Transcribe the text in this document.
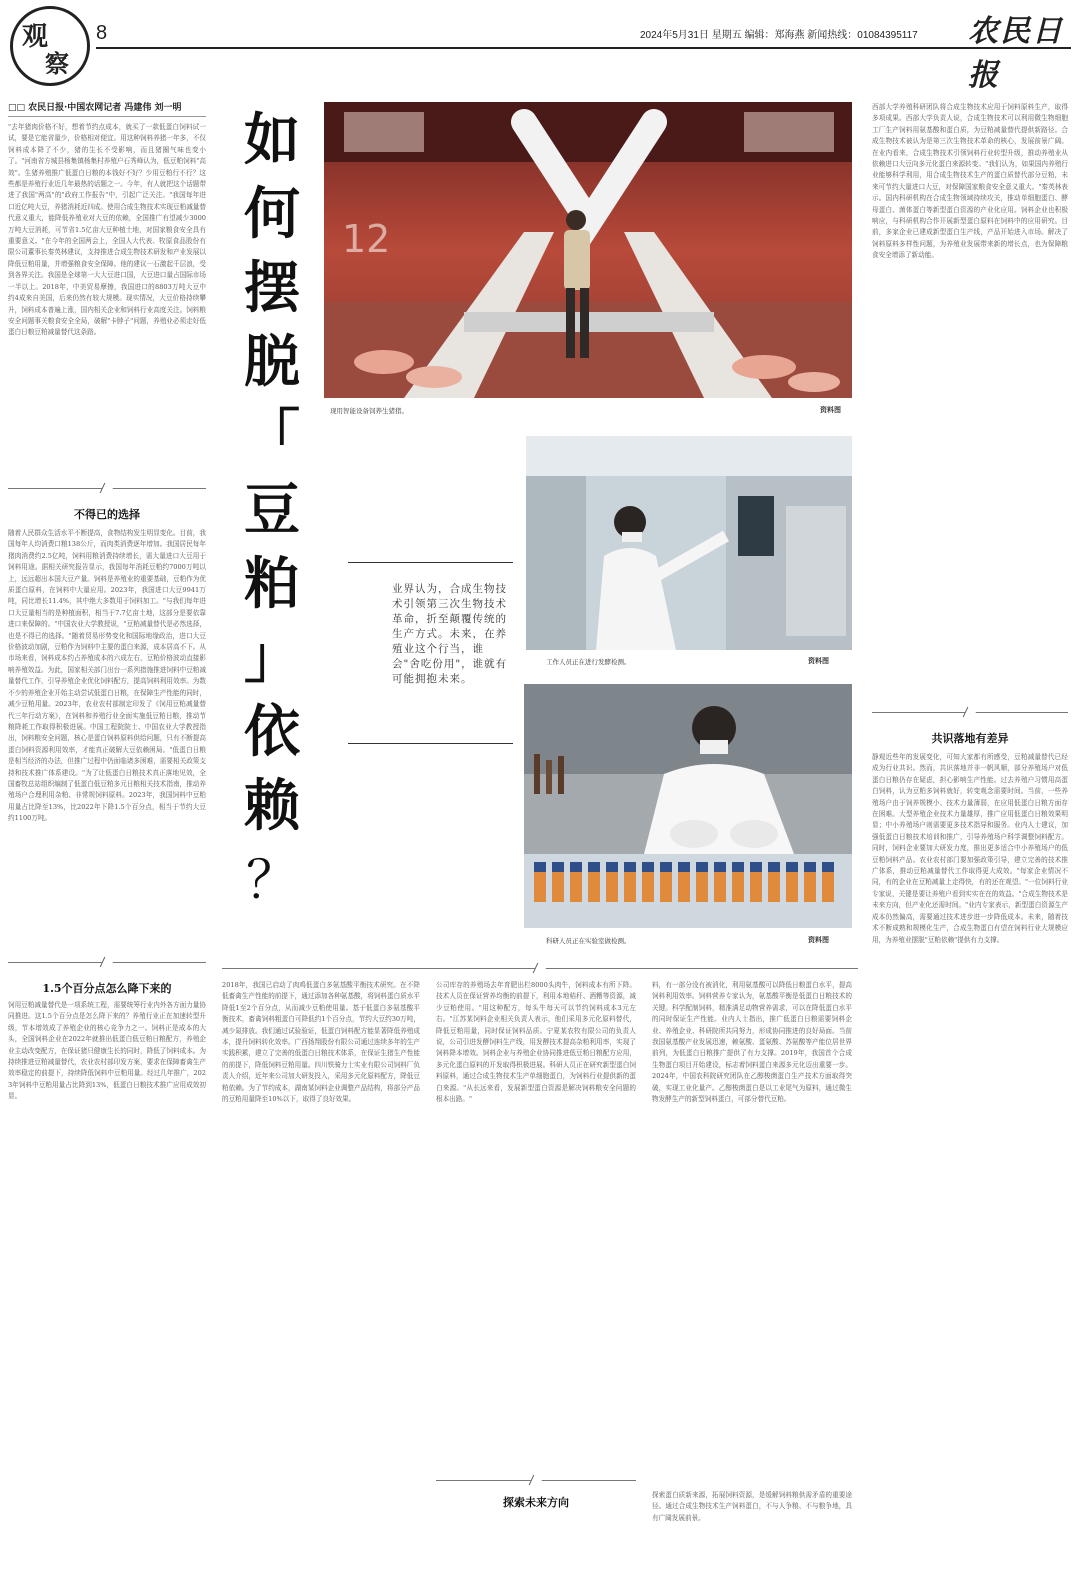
观
察
8	2024年5月31日 星期五 编辑：郑海燕 新闻热线：01084395117 农民日报
□□ 农民日报·中国农网记者 冯建伟 刘一明
"去年猪肉价格不好，想着节约点成本，就买了一款低蛋白饲料试一试，要是它能省量少，价格相对便宜。用这种饲料养猪一年多，不仅饲料成本降了不少，猪的生长不受影响，而且猪圈气味也变小了。"河南省方城县杨集镇杨集村养殖户石秀峰认为，低豆粕饲料"高效"。生猪养殖推广低蛋白日粮的本钱好不好？少用豆粕行不行？这些都是养殖行业近几年最热的话题之一。今年，有人就把这个话题带进了我国"两高"的"政府工作报告"中，引起广泛关注。"我国每年进口近亿吨大豆，养猪消耗近四成。使用合成生物技术实现豆粕减量替代意义重大，能降低养殖业对大豆的依赖，全国推广有望减少3000万吨大豆消耗，可节省1.5亿亩大豆种植土地，对国家粮食安全具有重要意义。"在今年的全国两会上，全国人大代表、牧原食品股份有限公司董事长秦英林建议，支持推进合成生物技术研发和产业发展以降低豆粕用量，并增强粮食安全保障。他的建议一石激起千层浪，受到各界关注。我国是全球第一大大豆进口国，大豆进口量占国际市场一半以上。2018年，中美贸易摩擦，我国进口的8803万吨大豆中约4成来自美国，后来仍然有较大规模。现实情况，大豆价格持续攀升，饲料成本普遍上涨，国内相关企业和饲料行业高度关注。饲料粮安全问题事关粮食安全全局，破解"卡脖子"问题，养殖业必须走好低蛋白日粮豆粕减量替代这条路。
不得已的选择
随着人民群众生活水平不断提高，食物结构发生明显变化。目前，我国每年人均消费口粮138公斤，而肉类消费逐年增加。我国居民每年猪肉消费约2.5亿吨，饲料用粮消费持续增长，需大量进口大豆用于饲料用途。据相关研究报告显示，我国每年消耗豆粕约7000万吨以上，远远超出本国大豆产量。饲料是养殖业的重要基础，豆粕作为优质蛋白原料，在饲料中大量应用。2023年，我国进口大豆9941万吨，同比增长11.4%，其中绝大多数用于饲料加工。"与我们每年进口大豆量相当的是种植面积，相当于7.7亿亩土地，这部分是要依靠进口来保障的。"中国农业大学教授说，"豆粕减量替代是必然选择，也是不得已的选择。"随着贸易形势变化和国际地缘政治，进口大豆价格波动加剧，豆粕作为饲料中主要的蛋白来源，成本居高不下。从市场来看，饲料成本约占养殖成本的六成左右，豆粕价格波动直接影响养殖效益。为此，国家相关部门出台一系列措施推进饲料中豆粕减量替代工作，引导养殖企业优化饲料配方，提高饲料利用效率。为数不少的养殖企业开始主动尝试低蛋白日粮，在保障生产性能的同时，减少豆粕用量。2023年，农业农村部制定印发了《饲用豆粕减量替代三年行动方案》，在饲料和养殖行业全面实施低豆粕日粮，推动节粮降耗工作取得积极进展。中国工程院院士、中国农业大学教授指出，饲料粮安全问题，核心是蛋白饲料原料供给问题，只有不断提高蛋白饲料资源利用效率，才能真正破解大豆依赖困局。"低蛋白日粮是相当经济的办法，但推广过程中仍面临诸多困难，需要相关政策支持和技术推广体系建设。"为了让低蛋白日粮技术真正落地见效，全国畜牧总站组织编制了低蛋白低豆粕多元日粮相关技术指南，推动养殖场户合理利用杂粕、非常规饲料原料。2023年，我国饲料中豆粕用量占比降至13%，比2022年下降1.5个百分点，相当于节约大豆约1100万吨。
1.5个百分点怎么降下来的
饲用豆粕减量替代是一项系统工程，需要统筹行业内外各方面力量协同推进。这1.5个百分点是怎么降下来的？养殖行业正在加速转型升级，节本增效成了养殖企业的核心竞争力之一。饲料正是成本的大头，全国饲料企业在2022年就推出低蛋白低豆粕日粮配方，养殖企业主动改变配方，在保证猪只健康生长的同时，降低了饲料成本。为持续推进豆粕减量替代，农业农村部印发方案，要求在保障畜禽生产效率稳定的前提下，持续降低饲料中豆粕用量。经过几年推广，2023年饲料中豆粕用量占比降到13%，低蛋白日粮技术推广应用成效初显。
如
何
摆
脱
「
豆
粕
」
依
赖
？
12
现用智能设备饲养生猪猪。	资料图
工作人员正在进行发酵检测。	资料图
科研人员正在实验室做检测。	资料图
业界认为，合成生物技术引领第三次生物技术革命，折至颠覆传统的生产方式。未来，在养殖业这个行当，谁会"舍吃份用"，谁就有可能拥抱未来。
西部大学养殖科研团队将合成生物技术应用于饲料原料生产，取得多项成果。西部大学负责人说，合成生物技术可以利用微生物细胞工厂生产饲料用氨基酸和蛋白质，为豆粕减量替代提供新路径。合成生物技术被认为是第三次生物技术革命的核心，发展前景广阔。在业内看来，合成生物技术引领饲料行业转型升级，推动养殖业从依赖进口大豆向多元化蛋白来源转变。"我们认为，如果国内养殖行业能够科学利用，用合成生物技术生产的蛋白质替代部分豆粕，未来可节约大量进口大豆，对保障国家粮食安全意义重大。"秦英林表示。国内科研机构在合成生物领域持续攻关，推动单细胞蛋白、酵母蛋白、菌体蛋白等新型蛋白资源的产业化应用。饲料企业也积极响应，与科研机构合作开展新型蛋白原料在饲料中的应用研究。目前，多家企业已建成新型蛋白生产线，产品开始进入市场。解决了饲料原料多样性问题，为养殖业发展带来新的增长点，也为保障粮食安全增添了新动能。
共识落地有差异
静观近些年的发展变化，可知大家都有所感受，豆粕减量替代已经成为行业共识。然而，共识落地并非一帆风顺，部分养殖场户对低蛋白日粮仍存在疑虑，担心影响生产性能。过去养殖户习惯用高蛋白饲料，认为豆粕多饲料就好，转变观念需要时间。当前，一些养殖场户由于饲养规模小、技术力量薄弱，在应用低蛋白日粮方面存在困难。大型养殖企业技术力量雄厚，推广应用低蛋白日粮效果明显；中小养殖场户则需要更多技术指导和服务。业内人士建议，加强低蛋白日粮技术培训和推广，引导养殖场户科学调整饲料配方。同时，饲料企业要加大研发力度，推出更多适合中小养殖场户的低豆粕饲料产品。农业农村部门要加强政策引导，建立完善的技术推广体系，推动豆粕减量替代工作取得更大成效。"每家企业情况不同，有的企业在豆粕减量上走得快，有的还在观望。"一位饲料行业专家说，关键是要让养殖户看到实实在在的效益。"合成生物技术是未来方向，但产业化还需时间。"业内专家表示，新型蛋白资源生产成本仍然偏高，需要通过技术进步进一步降低成本。未来，随着技术不断成熟和规模化生产，合成生物蛋白有望在饲料行业大规模应用，为养殖业摆脱"豆粕依赖"提供有力支撑。
2018年，我国已启动了肉鸡低蛋白多氨基酸平衡技术研究。在不降低畜禽生产性能的前提下，通过添加各种氨基酸，将饲料蛋白质水平降低1至2个百分点，从而减少豆粕使用量。基于低蛋白多氨基酸平衡技术，畜禽饲料粗蛋白可降低约1个百分点，节约大豆约30万吨，减少氮排放。我们通过试验验证，低蛋白饲料配方能显著降低养殖成本，提升饲料转化效率。广西扬翔股份有限公司通过连续多年的生产实践积累，建立了完善的低蛋白日粮技术体系，在保证生猪生产性能的前提下，降低饲料豆粕用量。四川铁骑力士实业有限公司饲料厂负责人介绍，近年来公司加大研发投入，采用多元化原料配方，降低豆粕依赖。为了节约成本，湖南某饲料企业调整产品结构，将部分产品的豆粕用量降至10%以下，取得了良好效果。
公司库存的养殖场去年育肥出栏8000头肉牛，饲料成本有所下降。技术人员在保证营养均衡的前提下，利用本地秸秆、酒糟等资源，减少豆粕使用。"用这种配方，每头牛每天可以节约饲料成本3元左右。"江苏某饲料企业相关负责人表示，他们采用多元化原料替代，降低豆粕用量，同时保证饲料品质。宁夏某农牧有限公司的负责人说，公司引进发酵饲料生产线，用发酵技术提高杂粕利用率，实现了饲料降本增效。饲料企业与养殖企业协同推进低豆粕日粮配方应用，多元化蛋白原料的开发取得积极进展。科研人员正在研究新型蛋白饲料原料，通过合成生物技术生产单细胞蛋白，为饲料行业提供新的蛋白来源。"从长远来看，发展新型蛋白资源是解决饲料粮安全问题的根本出路。"
料，有一部分没有被消化，利用氨基酸可以降低日粮蛋白水平，提高饲料利用效率。饲料营养专家认为，氨基酸平衡是低蛋白日粮技术的关键。科学配制饲料，精准满足动物营养需求，可以在降低蛋白水平的同时保证生产性能。业内人士指出，推广低蛋白日粮需要饲料企业、养殖企业、科研院所共同努力，形成协同推进的良好局面。当前我国氨基酸产业发展迅速，赖氨酸、蛋氨酸、苏氨酸等产能位居世界前列，为低蛋白日粮推广提供了有力支撑。2019年，我国首个合成生物蛋白项目开始建设，标志着饲料蛋白来源多元化迈出重要一步。2024年，中国农科院研究团队在乙醇梭菌蛋白生产技术方面取得突破，实现工业化量产。乙醇梭菌蛋白是以工业尾气为原料，通过微生物发酵生产的新型饲料蛋白，可部分替代豆粕。
探索未来方向
探索蛋白质新来源，拓展饲料资源，是缓解饲料粮供需矛盾的重要途径。通过合成生物技术生产饲料蛋白，不与人争粮、不与粮争地，具有广阔发展前景。
